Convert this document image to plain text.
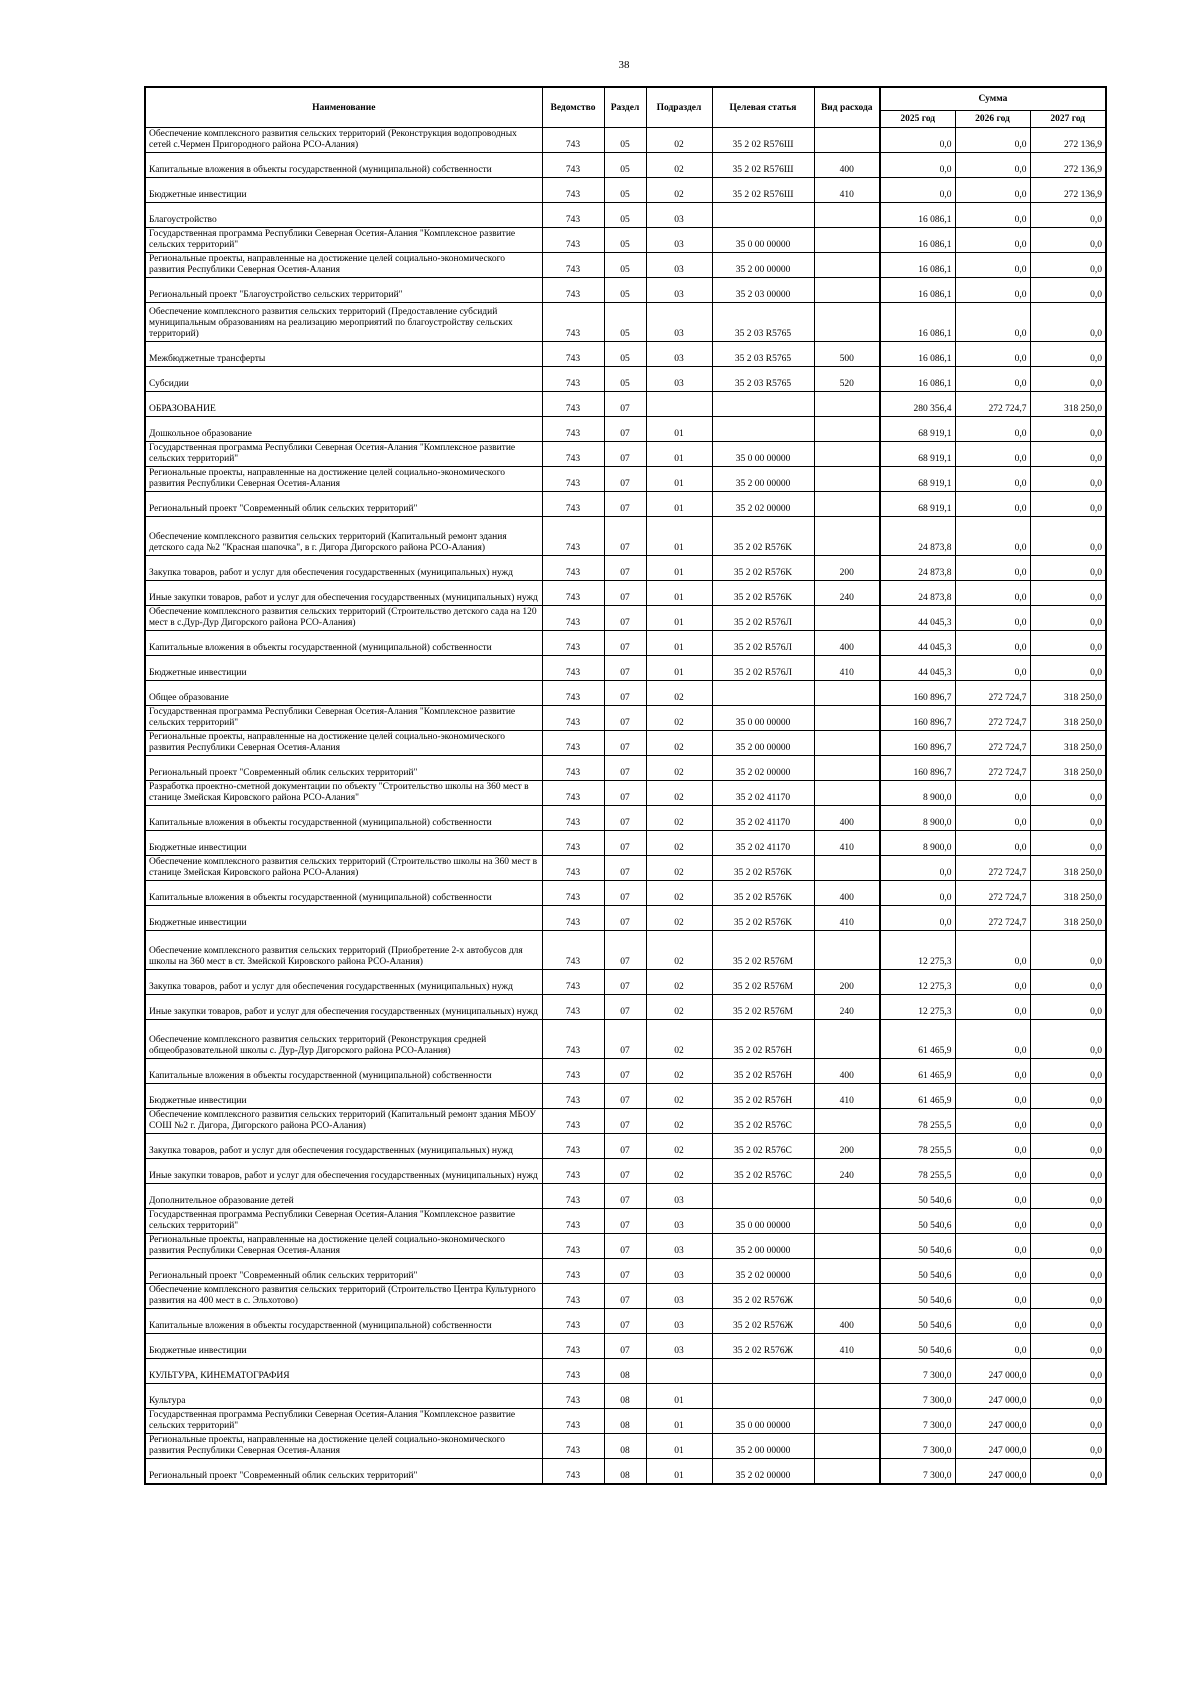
38
Наименование	Ведомство	Раздел	Подраздел	Целевая статья	Вид расхода	Сумма		
						2025 год	2026 год	2027 год
Обеспечение комплексного развития сельских территорий (Реконструкция водопроводных сетей с.Чермен Пригородного района РСО-Алания)	743	05	02	35 2 02 R576Ш		0,0	0,0	272 136,9
Капитальные вложения в объекты государственной (муниципальной) собственности	743	05	02	35 2 02 R576Ш	400	0,0	0,0	272 136,9
Бюджетные инвестиции	743	05	02	35 2 02 R576Ш	410	0,0	0,0	272 136,9
Благоустройство	743	05	03			16 086,1	0,0	0,0
Государственная программа Республики Северная Осетия-Алания "Комплексное развитие сельских территорий"	743	05	03	35 0 00 00000		16 086,1	0,0	0,0
Региональные проекты, направленные на достижение целей социально-экономического развития Республики Северная Осетия-Алания	743	05	03	35 2 00 00000		16 086,1	0,0	0,0
Региональный проект "Благоустройство сельских территорий"	743	05	03	35 2 03 00000		16 086,1	0,0	0,0
Обеспечение комплексного развития сельских территорий (Предоставление субсидий муниципальным образованиям на реализацию мероприятий по благоустройству сельских территорий)	743	05	03	35 2 03 R5765		16 086,1	0,0	0,0
Межбюджетные трансферты	743	05	03	35 2 03 R5765	500	16 086,1	0,0	0,0
Субсидии	743	05	03	35 2 03 R5765	520	16 086,1	0,0	0,0
ОБРАЗОВАНИЕ	743	07				280 356,4	272 724,7	318 250,0
Дошкольное образование	743	07	01			68 919,1	0,0	0,0
Государственная программа Республики Северная Осетия-Алания "Комплексное развитие сельских территорий"	743	07	01	35 0 00 00000		68 919,1	0,0	0,0
Региональные проекты, направленные на достижение целей социально-экономического развития Республики Северная Осетия-Алания	743	07	01	35 2 00 00000		68 919,1	0,0	0,0
Региональный проект "Современный облик сельских территорий"	743	07	01	35 2 02 00000		68 919,1	0,0	0,0
Обеспечение комплексного развития сельских территорий (Капитальный ремонт здания детского сада №2 "Красная шапочка", в г. Дигора Дигорского района РСО-Алания)	743	07	01	35 2 02 R576K		24 873,8	0,0	0,0
Закупка товаров, работ и услуг для обеспечения государственных (муниципальных) нужд	743	07	01	35 2 02 R576K	200	24 873,8	0,0	0,0
Иные закупки товаров, работ и услуг для обеспечения государственных (муниципальных) нужд	743	07	01	35 2 02 R576K	240	24 873,8	0,0	0,0
Обеспечение комплексного развития сельских территорий (Строительство детского сада на 120 мест в с.Дур-Дур Дигорского района РСО-Алания)	743	07	01	35 2 02 R576Л		44 045,3	0,0	0,0
Капитальные вложения в объекты государственной (муниципальной) собственности	743	07	01	35 2 02 R576Л	400	44 045,3	0,0	0,0
Бюджетные инвестиции	743	07	01	35 2 02 R576Л	410	44 045,3	0,0	0,0
Общее образование	743	07	02			160 896,7	272 724,7	318 250,0
Государственная программа Республики Северная Осетия-Алания "Комплексное развитие сельских территорий"	743	07	02	35 0 00 00000		160 896,7	272 724,7	318 250,0
Региональные проекты, направленные на достижение целей социально-экономического развития Республики Северная Осетия-Алания	743	07	02	35 2 00 00000		160 896,7	272 724,7	318 250,0
Региональный проект "Современный облик сельских территорий"	743	07	02	35 2 02 00000		160 896,7	272 724,7	318 250,0
Разработка проектно-сметной документации по объекту "Строительство школы на 360 мест в станице Змейская Кировского района РСО-Алания"	743	07	02	35 2 02 41170		8 900,0	0,0	0,0
Капитальные вложения в объекты государственной (муниципальной) собственности	743	07	02	35 2 02 41170	400	8 900,0	0,0	0,0
Бюджетные инвестиции	743	07	02	35 2 02 41170	410	8 900,0	0,0	0,0
Обеспечение комплексного развития сельских территорий (Строительство школы на 360 мест в станице Змейская Кировского района РСО-Алания)	743	07	02	35 2 02 R576K		0,0	272 724,7	318 250,0
Капитальные вложения в объекты государственной (муниципальной) собственности	743	07	02	35 2 02 R576K	400	0,0	272 724,7	318 250,0
Бюджетные инвестиции	743	07	02	35 2 02 R576K	410	0,0	272 724,7	318 250,0
Обеспечение комплексного развития сельских территорий (Приобретение 2-х автобусов для школы на 360 мест в ст. Змейской Кировского района РСО-Алания)	743	07	02	35 2 02 R576M		12 275,3	0,0	0,0
Закупка товаров, работ и услуг для обеспечения государственных (муниципальных) нужд	743	07	02	35 2 02 R576M	200	12 275,3	0,0	0,0
Иные закупки товаров, работ и услуг для обеспечения государственных (муниципальных) нужд	743	07	02	35 2 02 R576M	240	12 275,3	0,0	0,0
Обеспечение комплексного развития сельских территорий (Реконструкция средней общеобразовательной школы с. Дур-Дур Дигорского района РСО-Алания)	743	07	02	35 2 02 R576H		61 465,9	0,0	0,0
Капитальные вложения в объекты государственной (муниципальной) собственности	743	07	02	35 2 02 R576H	400	61 465,9	0,0	0,0
Бюджетные инвестиции	743	07	02	35 2 02 R576H	410	61 465,9	0,0	0,0
Обеспечение комплексного развития сельских территорий (Капитальный ремонт здания МБОУ СОШ №2 г. Дигора, Дигорского района РСО-Алания)	743	07	02	35 2 02 R576C		78 255,5	0,0	0,0
Закупка товаров, работ и услуг для обеспечения государственных (муниципальных) нужд	743	07	02	35 2 02 R576C	200	78 255,5	0,0	0,0
Иные закупки товаров, работ и услуг для обеспечения государственных (муниципальных) нужд	743	07	02	35 2 02 R576C	240	78 255,5	0,0	0,0
Дополнительное образование детей	743	07	03			50 540,6	0,0	0,0
Государственная программа Республики Северная Осетия-Алания "Комплексное развитие сельских территорий"	743	07	03	35 0 00 00000		50 540,6	0,0	0,0
Региональные проекты, направленные на достижение целей социально-экономического развития Республики Северная Осетия-Алания	743	07	03	35 2 00 00000		50 540,6	0,0	0,0
Региональный проект "Современный облик сельских территорий"	743	07	03	35 2 02 00000		50 540,6	0,0	0,0
Обеспечение комплексного развития сельских территорий (Строительство Центра Культурного развития на 400 мест в с. Эльхотово)	743	07	03	35 2 02 R576Ж		50 540,6	0,0	0,0
Капитальные вложения в объекты государственной (муниципальной) собственности	743	07	03	35 2 02 R576Ж	400	50 540,6	0,0	0,0
Бюджетные инвестиции	743	07	03	35 2 02 R576Ж	410	50 540,6	0,0	0,0
КУЛЬТУРА, КИНЕМАТОГРАФИЯ	743	08				7 300,0	247 000,0	0,0
Культура	743	08	01			7 300,0	247 000,0	0,0
Государственная программа Республики Северная Осетия-Алания "Комплексное развитие сельских территорий"	743	08	01	35 0 00 00000		7 300,0	247 000,0	0,0
Региональные проекты, направленные на достижение целей социально-экономического развития Республики Северная Осетия-Алания	743	08	01	35 2 00 00000		7 300,0	247 000,0	0,0
Региональный проект "Современный облик сельских территорий"	743	08	01	35 2 02 00000		7 300,0	247 000,0	0,0
